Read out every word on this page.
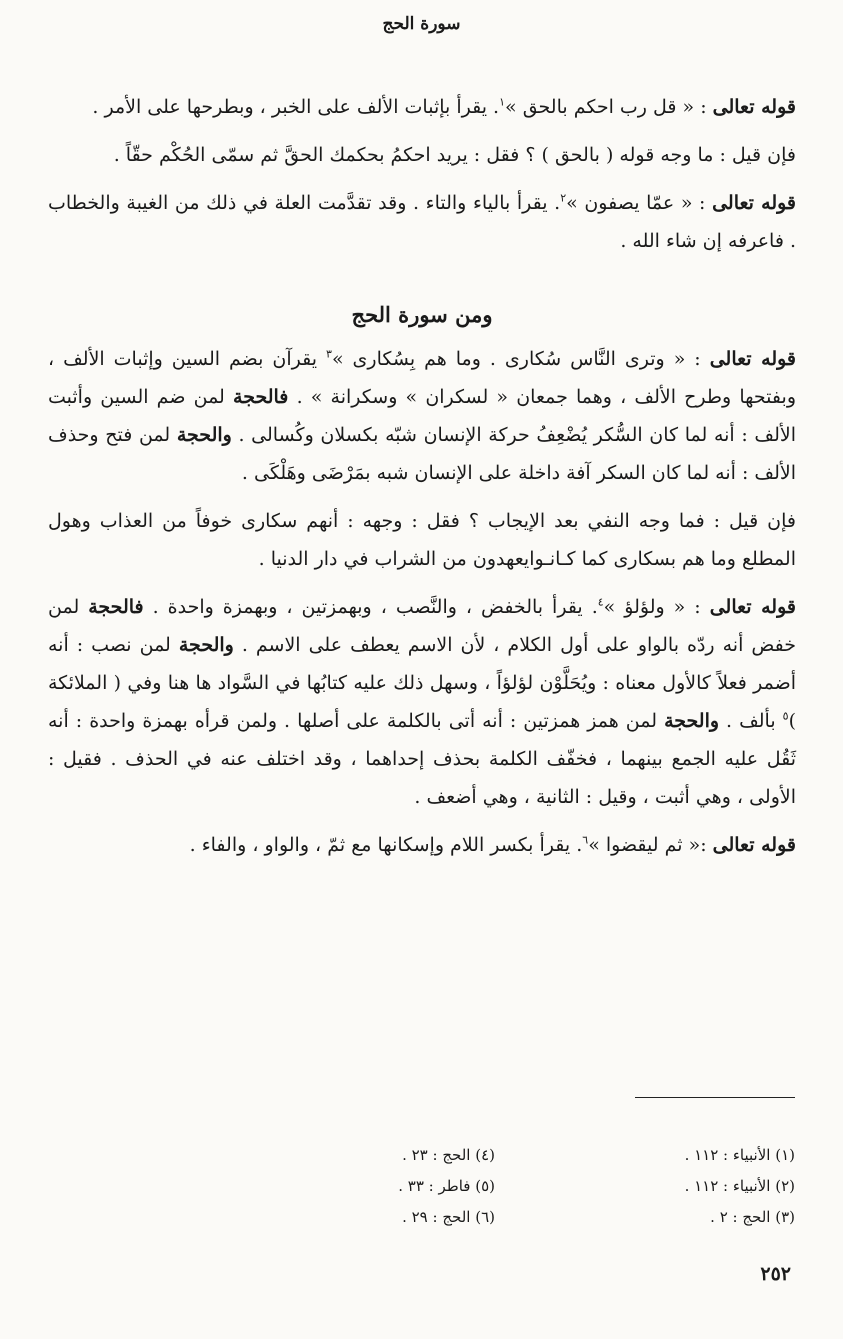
سورة الحج

قوله تعالى : « قل رب احكم بالحق »$^١$. يقرأ بإثبات الألف على الخبر ، وبطرحها على الأمر .

فإن قيل : ما وجه قوله ( بالحق ) ؟ فقل : يريد احكمُ بحكمك الحقَّ ثم سمّى الحُكْم حقّاً .

قوله تعالى : « عمّا يصفون »$^٢$. يقرأ بالياء والتاء . وقد تقدَّمت العلة في ذلك من الغيبة والخطاب . فاعرفه إن شاء الله .

ومن سورة الحج

قوله تعالى : « وترى النَّاس سُكارى . وما هم بِسُكارى »$^٣$ يقرآن بضم السين وإثبات الألف ، وبفتحها وطرح الألف ، وهما جمعان « لسكران » وسكرانة » . فالحجة لمن ضم السين وأثبت الألف : أنه لما كان السُّكر يُضْعِفُ حركة الإنسان شبّه بكسلان وكُسالى . والحجة لمن فتح وحذف الألف : أنه لما كان السكر آفة داخلة على الإنسان شبه بمَرْضَى وهَلْكَى .

فإن قيل : فما وجه النفي بعد الإيجاب ؟ فقل : وجهه : أنهم سكارى خوفاً من العذاب وهول المطلع وما هم بسكارى كما كـانـوايعهدون من الشراب في دار الدنيا .

قوله تعالى : « ولؤلؤ »$^٤$. يقرأ بالخفض ، والنَّصب ، وبهمزتين ، وبهمزة واحدة . فالحجة لمن خفض أنه ردّه بالواو على أول الكلام ، لأن الاسم يعطف على الاسم . والحجة لمن نصب : أنه أضمر فعلاً كالأول معناه : ويُحَلَّوْن لؤلؤاً ، وسهل ذلك عليه كتابُها في السَّواد ها هنا وفي ( الملائكة )$^٥$ بألف . والحجة لمن همز همزتين : أنه أتى بالكلمة على أصلها . ولمن قرأه بهمزة واحدة : أنه ثَقُل عليه الجمع بينهما ، فخفّف الكلمة بحذف إحداهما ، وقد اختلف عنه في الحذف . فقيل : الأولى ، وهي أثبت ، وقيل : الثانية ، وهي أضعف .

قوله تعالى :« ثم ليقضوا »$^٦$. يقرأ بكسر اللام وإسكانها مع ثمّ ، والواو ، والفاء .

(١) الأنبياء : ١١٢ .
(٢) الأنبياء : ١١٢ .
(٣) الحج : ٢ .
(٤) الحج : ٢٣ .
(٥) فاطر : ٣٣ .
(٦) الحج : ٢٩ .
٢٥٢
